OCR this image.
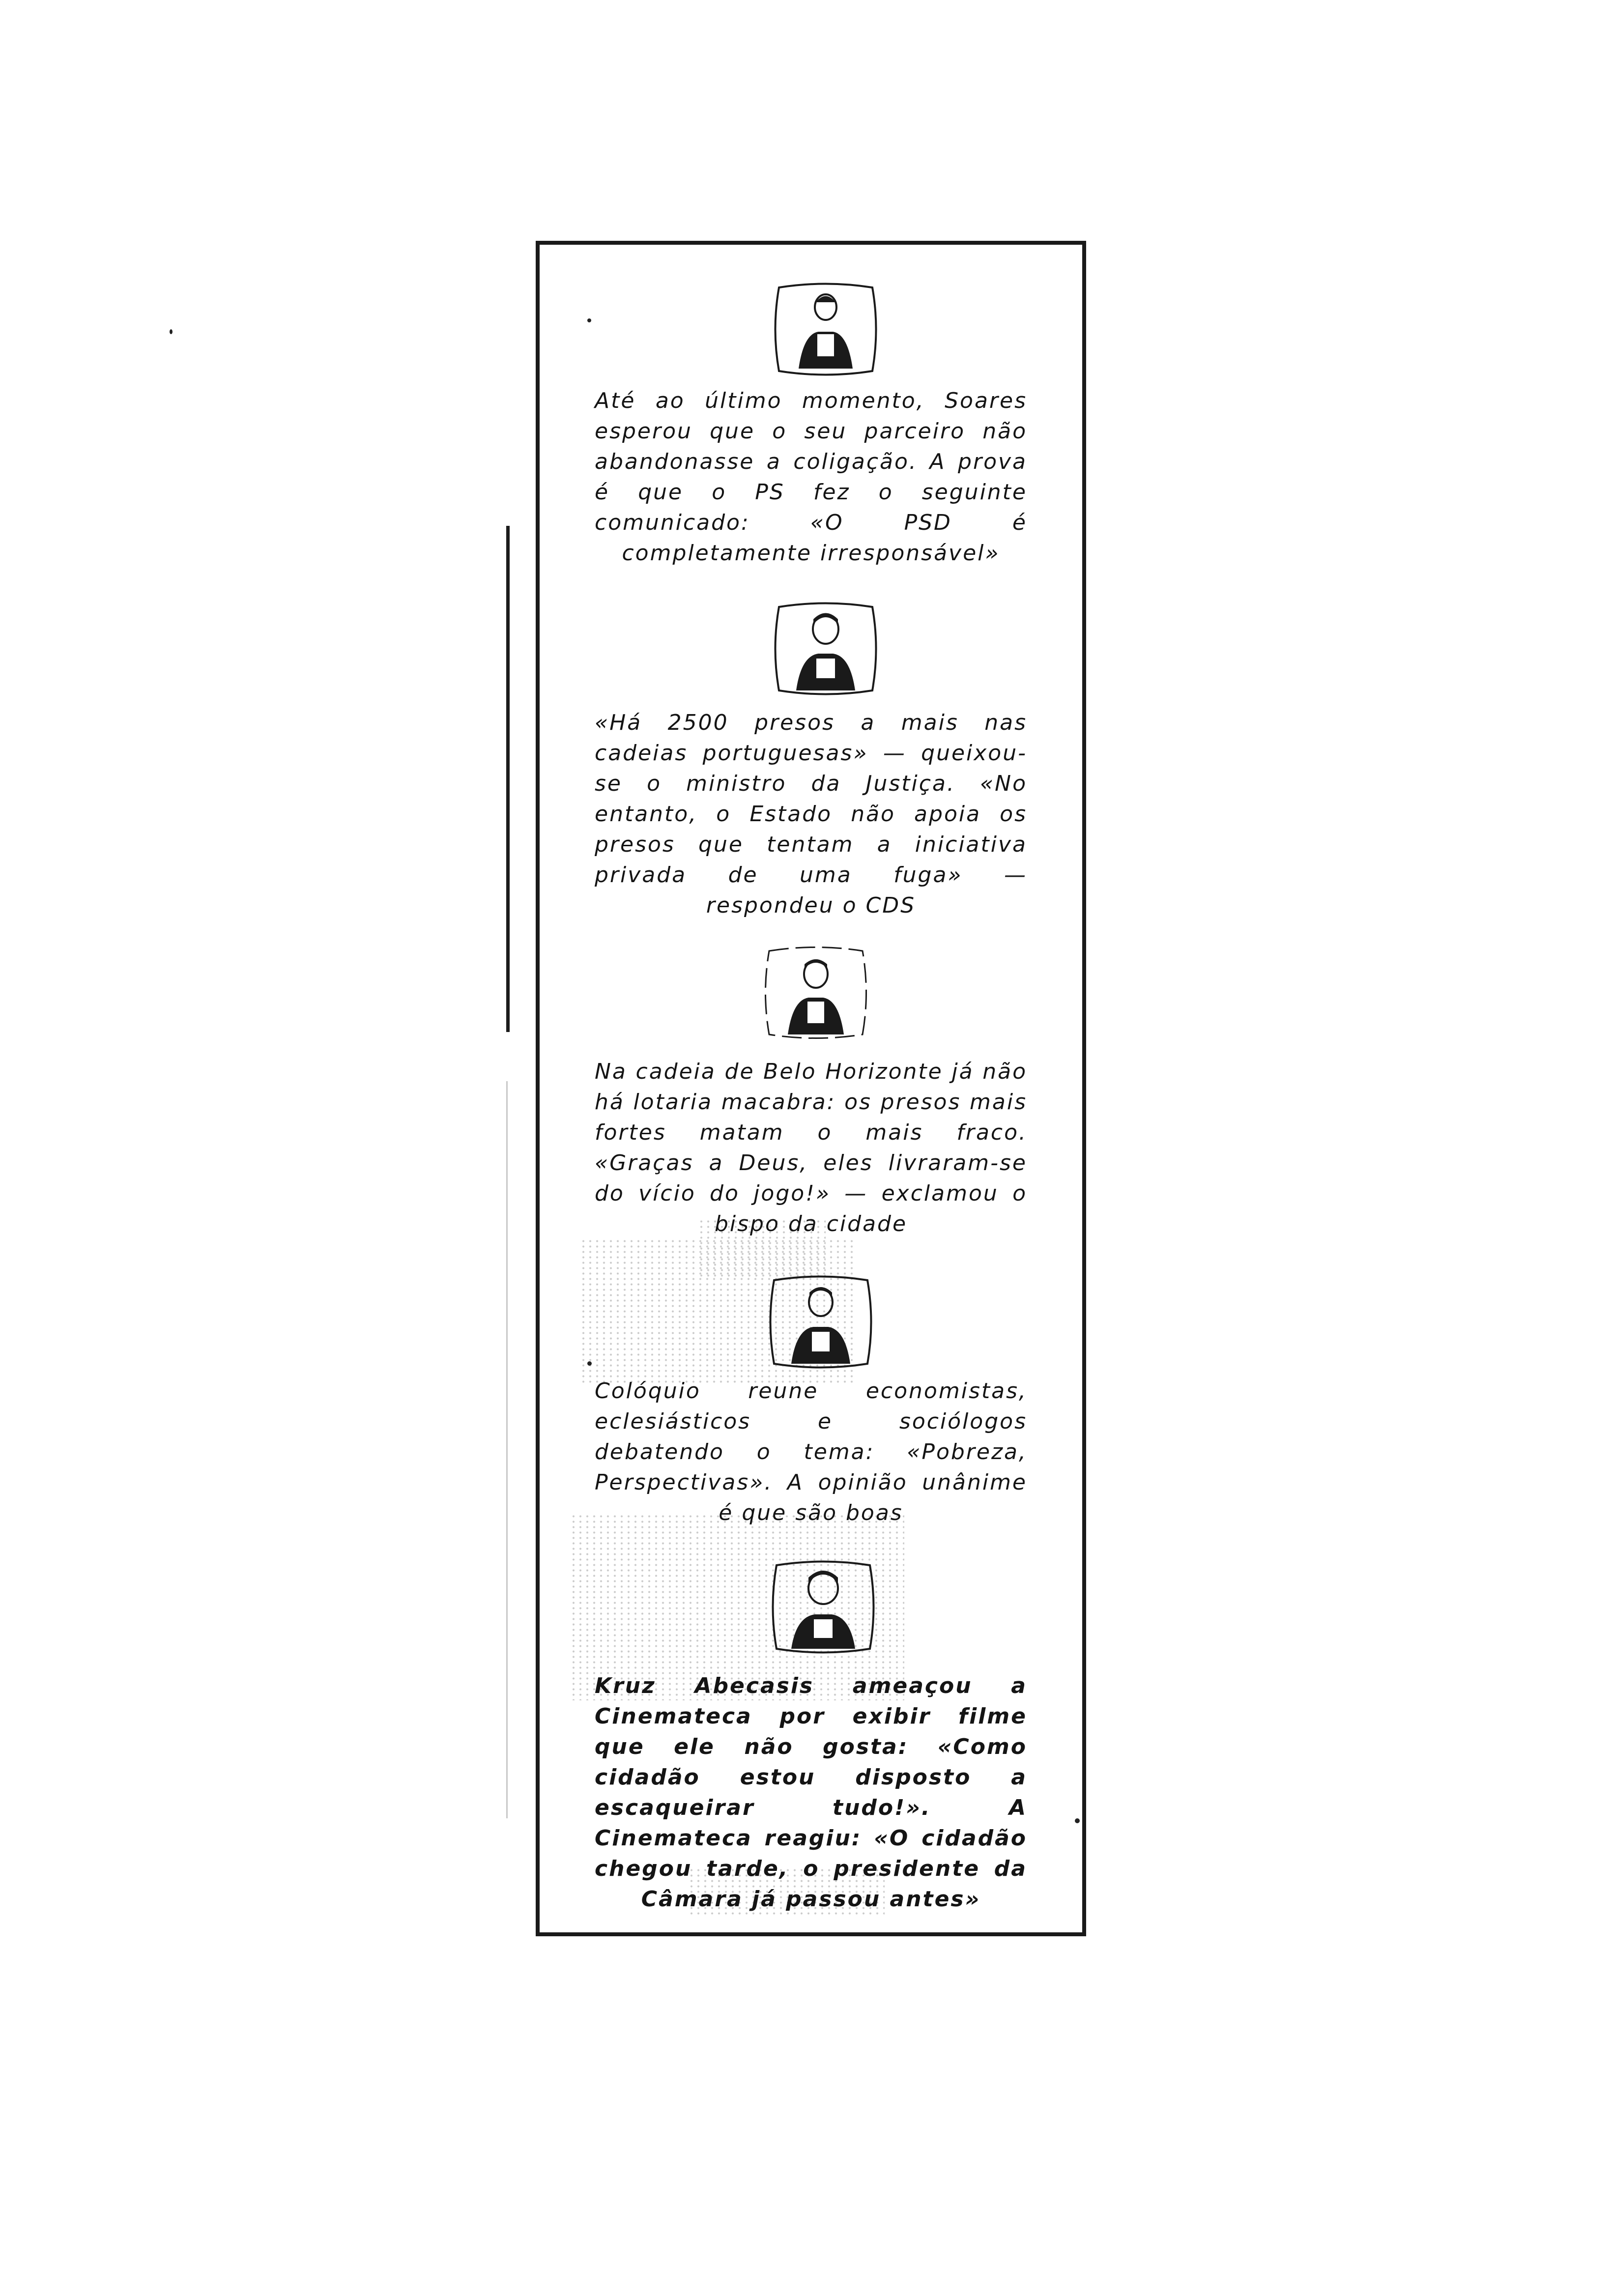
Até ao último momento, Soares esperou que o seu parceiro não abandonasse a coligação. A prova é que o PS fez o seguinte comunicado: «O PSD é completamente irresponsável»
«Há 2500 presos a mais nas cadeias portuguesas» — queixou-se o ministro da Justiça. «No entanto, o Estado não apoia os presos que tentam a iniciativa privada de uma fuga» — respondeu o CDS
Na cadeia de Belo Horizonte já não há lotaria macabra: os presos mais fortes matam o mais fraco. «Graças a Deus, eles livraram-se do vício do jogo!» — exclamou o bispo da cidade
Colóquio reune economistas, eclesiásticos e sociólogos debatendo o tema: «Pobreza, Perspectivas». A opinião unânime é que são boas
Kruz Abecasis ameaçou a Cinemateca por exibir filme que ele não gosta: «Como cidadão estou disposto a escaqueirar tudo!». A Cinemateca reagiu: «O cidadão chegou tarde, o presidente da Câmara já passou antes»
